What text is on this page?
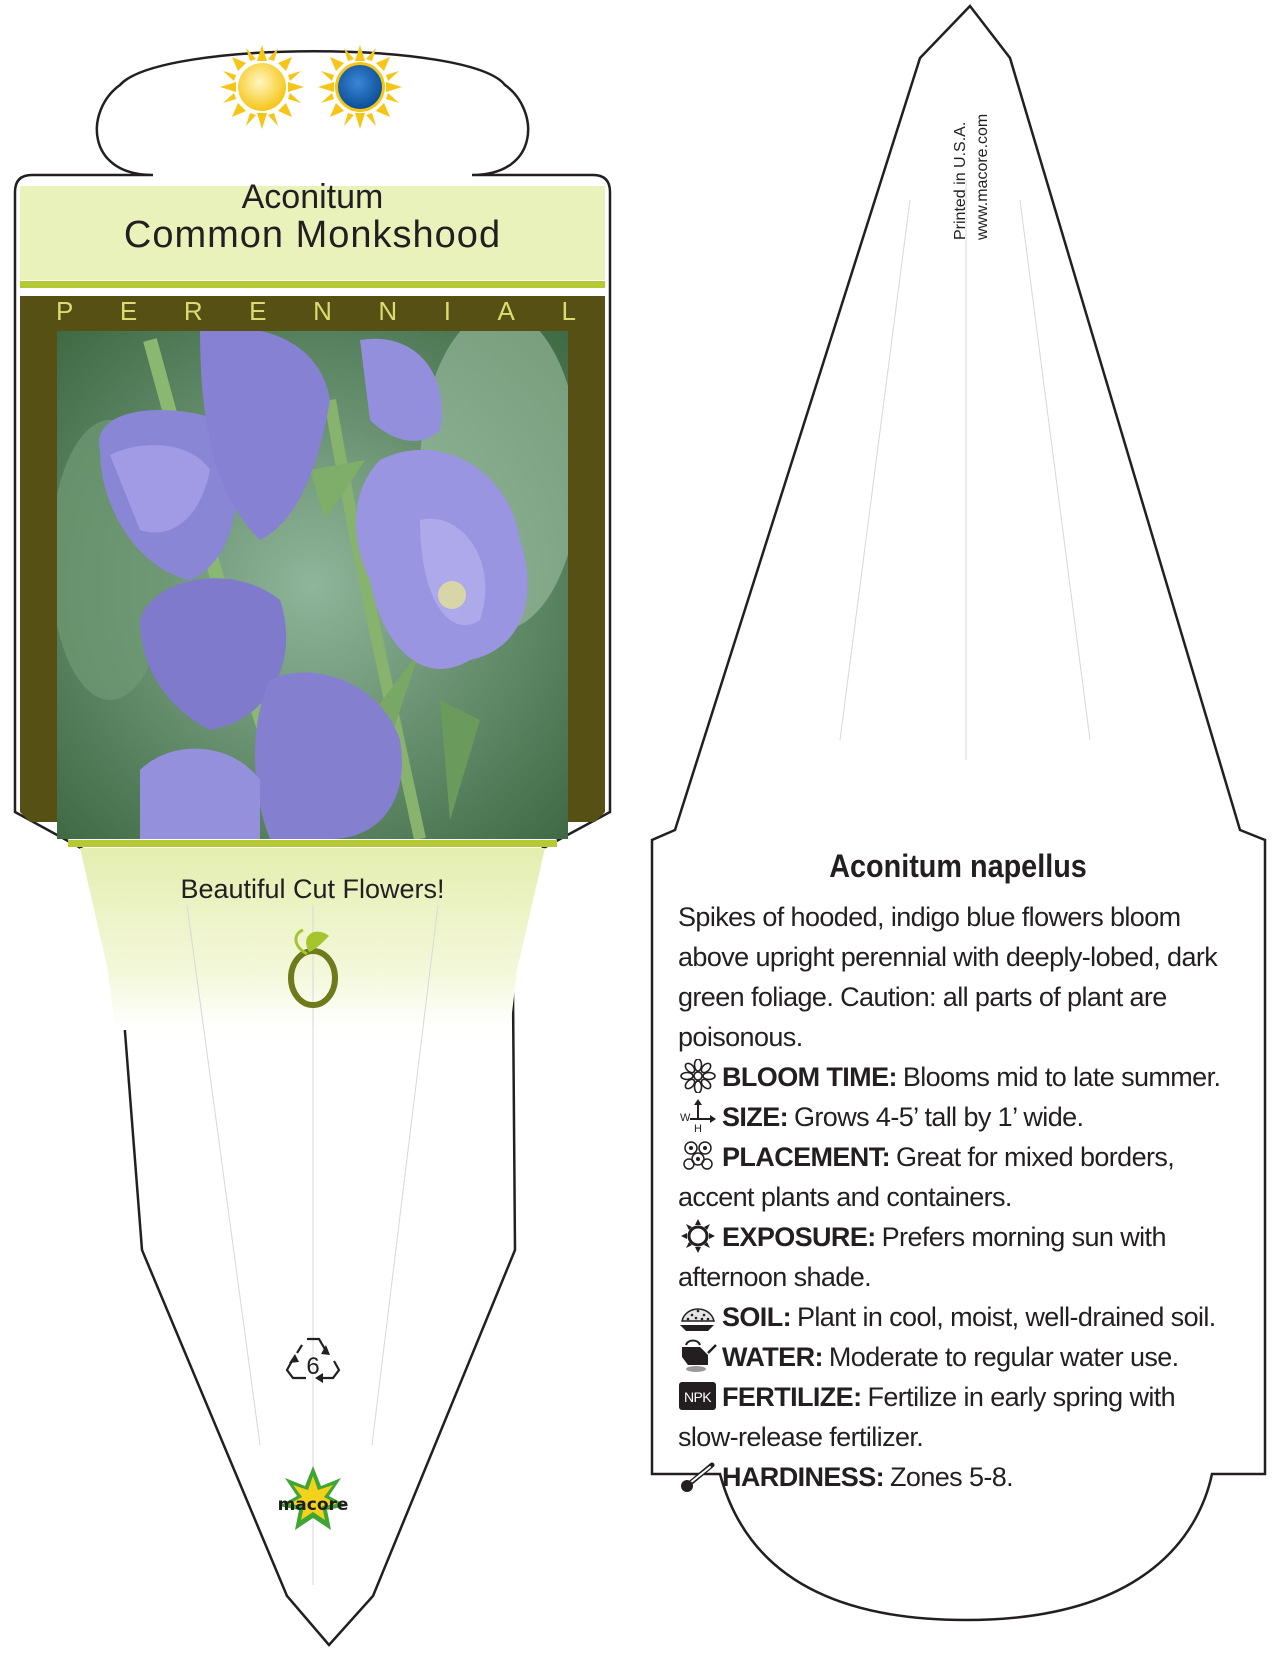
6
Aconitum
Common Monkshood
P E R E N N I A L
Beautiful Cut Flowers!
macore
Printed in U.S.A. www.macore.com
Aconitum napellus
Spikes of hooded, indigo blue flowers bloom above upright perennial with deeply-lobed, dark green foliage. Caution: all parts of plant are poisonous.
BLOOM TIME: Blooms mid to late summer.
W
H SIZE: Grows 4-5’ tall by 1’ wide.
PLACEMENT: Great for mixed borders, accent plants and containers.
EXPOSURE: Prefers morning sun with afternoon shade.
SOIL: Plant in cool, moist, well-drained soil.
WATER: Moderate to regular water use.
NPK FERTILIZE: Fertilize in early spring with slow-release fertilizer.
HARDINESS: Zones 5-8.
